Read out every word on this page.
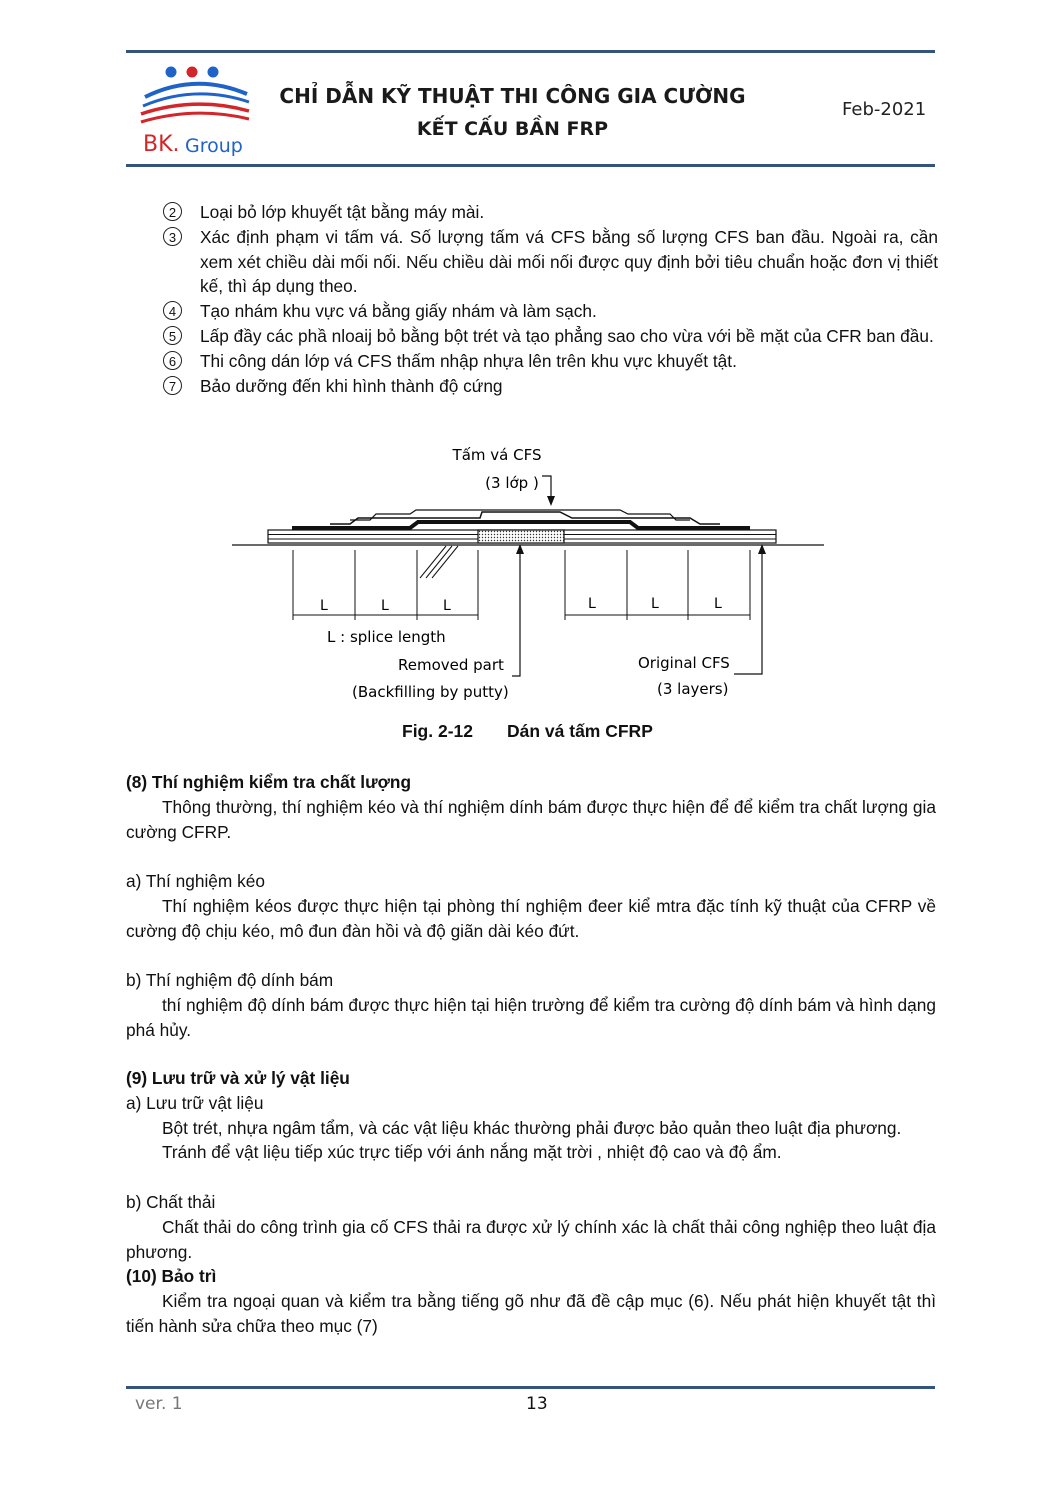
BK. Group
CHỈ DẪN KỸ THUẬT THI CÔNG GIA CƯỜNG
KẾT CẤU BẦN FRP
Feb-2021
2	Loại bỏ lớp khuyết tật bằng máy mài.
3	Xác định phạm vi tấm vá. Số lượng tấm vá CFS bằng số lượng CFS ban đầu. Ngoài ra, cần xem xét chiều dài mối nối. Nếu chiều dài mối nối được quy định bởi tiêu chuẩn hoặc đơn vị thiết kế, thì áp dụng theo.
4	Tạo nhám khu vực vá bằng giấy nhám và làm sạch.
5	Lấp đầy các phầ nloaij bỏ bằng bột trét và tạo phẳng sao cho vừa với bề mặt của CFR ban đầu.
6	Thi công dán lớp vá CFS thấm nhập nhựa lên trên khu vực khuyết tật.
7	Bảo dưỡng đến khi hình thành độ cứng
Tấm vá CFS
(3 lớp )
L	L	L	L	L	L
L : splice length
Removed part
(Backfilling by putty)
Original CFS
(3 layers)
Fig. 2-12 Dán vá tấm CFRP
(8) Thí nghiệm kiểm tra chất lượng
Thông thường, thí nghiệm kéo và thí nghiệm dính bám được thực hiện để để kiểm tra chất lượng gia cường CFRP.
a) Thí nghiệm kéo
Thí nghiệm kéos được thực hiện tại phòng thí nghiệm đeer kiể mtra đặc tính kỹ thuật của CFRP về cường độ chịu kéo, mô đun đàn hồi và độ giãn dài kéo đứt.
b) Thí nghiệm độ dính bám
thí nghiệm độ dính bám được thực hiện tại hiện trường để kiểm tra cường độ dính bám và hình dạng phá hủy.
(9) Lưu trữ và xử lý vật liệu
a) Lưu trữ vật liệu
Bột trét, nhựa ngâm tẩm, và các vật liệu khác thường phải được bảo quản theo luật địa phương.
Tránh để vật liệu tiếp xúc trực tiếp với ánh nắng mặt trời , nhiệt độ cao và độ ẩm.
b) Chất thải
Chất thải do công trình gia cố CFS thải ra được xử lý chính xác là chất thải công nghiệp theo luật địa phương.
(10) Bảo trì
Kiểm tra ngoại quan và kiểm tra bằng tiếng gõ như đã đề cập mục (6). Nếu phát hiện khuyết tật thì tiến hành sửa chữa theo mục (7)
ver. 1	13
